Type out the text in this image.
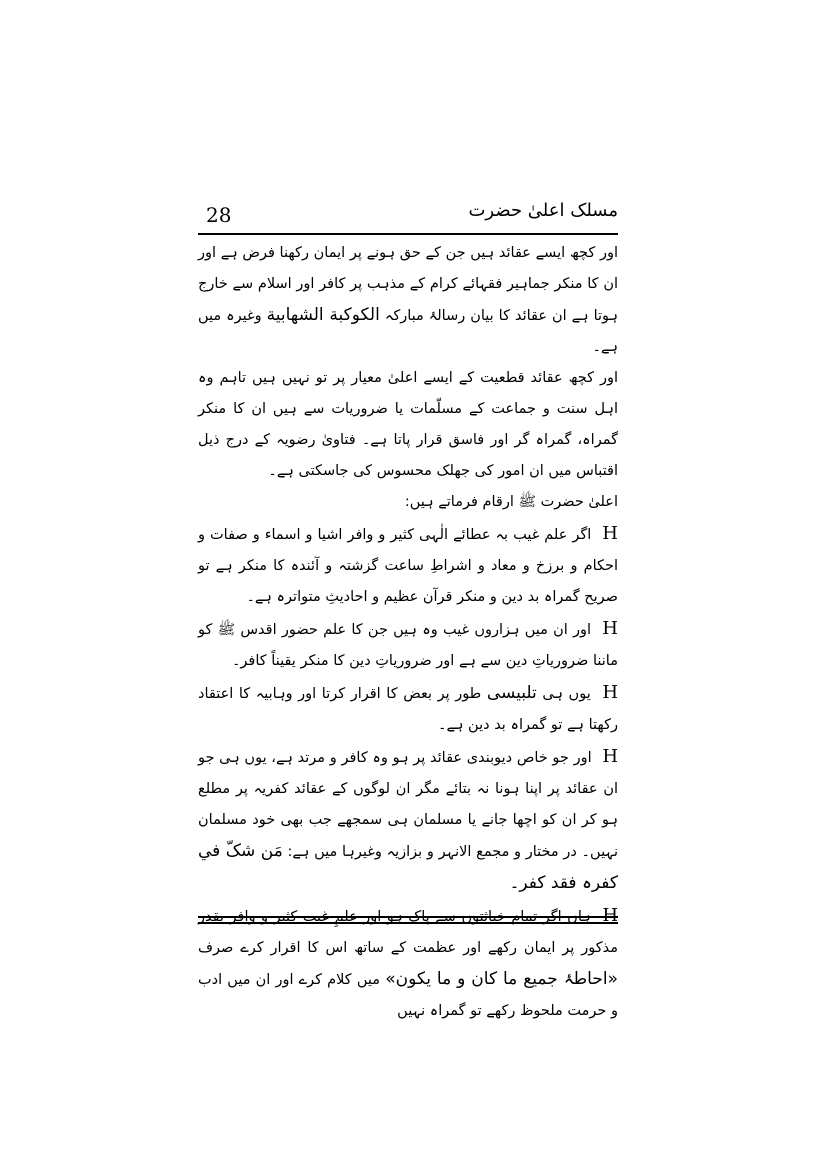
28	مسلک اعلیٰ حضرت

اور کچھ ایسے عقائد ہیں جن کے حق ہونے پر ایمان رکھنا فرض ہے اور ان کا منکر جماہیر فقہائے کرام کے مذہب پر کافر اور اسلام سے خارج ہوتا ہے ان عقائد کا بیان رسالۂ مبارکہ الکوکبة الشھابیة وغیرہ میں ہے۔

اور کچھ عقائد قطعیت کے ایسے اعلیٰ معیار پر تو نہیں ہیں تاہم وہ اہل سنت و جماعت کے مسلّمات یا ضروریات سے ہیں ان کا منکر گمراہ، گمراہ گر اور فاسق قرار پاتا ہے۔ فتاویٰ رضویہ کے درج ذیل اقتباس میں ان امور کی جھلک محسوس کی جاسکتی ہے۔

اعلیٰ حضرت ﷺ ارقام فرماتے ہیں:

H اگر علم غیب بہ عطائے الٰہی کثیر و وافر اشیا و اسماء و صفات و احکام و برزخ و معاد و اشراطِ ساعت گزشتہ و آئندہ کا منکر ہے تو صریح گمراہ بد دین و منکر قرآن عظیم و احادیثِ متواترہ ہے۔

H اور ان میں ہزاروں غیب وہ ہیں جن کا علم حضور اقدس ﷺ کو ماننا ضروریاتِ دین سے ہے اور ضروریاتِ دین کا منکر یقیناً کافر۔

H یوں ہی تلبیسی طور پر بعض کا اقرار کرتا اور وہابیہ کا اعتقاد رکھتا ہے تو گمراہ بد دین ہے۔

H اور جو خاص دیوبندی عقائد پر ہو وہ کافر و مرتد ہے، یوں ہی جو ان عقائد پر اپنا ہونا نہ بتائے مگر ان لوگوں کے عقائد کفریہ پر مطلع ہو کر ان کو اچھا جانے یا مسلمان ہی سمجھے جب بھی خود مسلمان نہیں۔ در مختار و مجمع الانہر و بزازیہ وغیرہا میں ہے: مَن شکّ في کفرہ فقد کفر۔

H ہاں اگر تمام خباثتوں سے پاک ہو اور علمِ غیب کثیر و وافر بقدر مذکور پر ایمان رکھے اور عظمت کے ساتھ اس کا اقرار کرے صرف «احاطۂ جمیع ما کان و ما یکون» میں کلام کرے اور ان میں ادب و حرمت ملحوظ رکھے تو گمراہ نہیں
